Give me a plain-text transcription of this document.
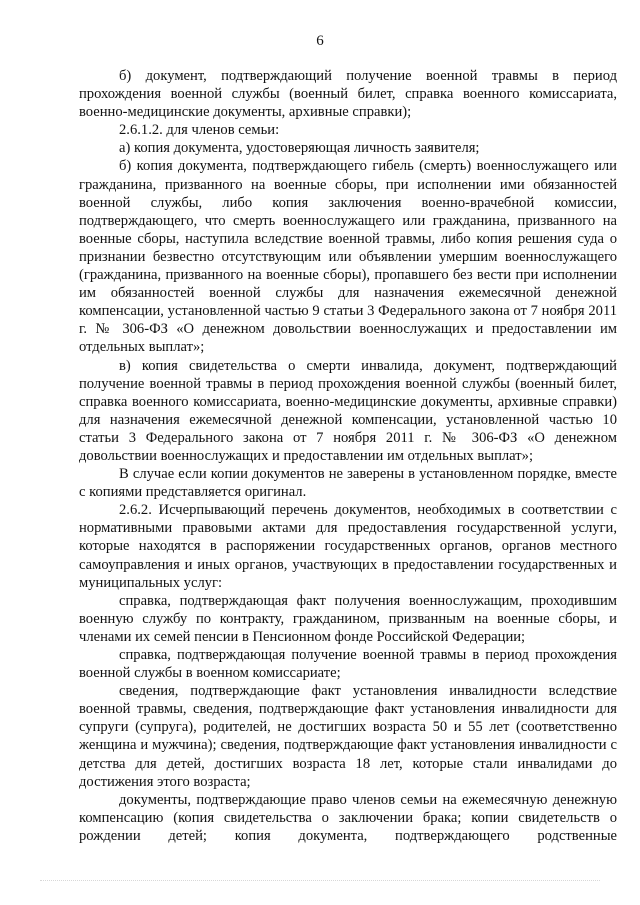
6

б) документ, подтверждающий получение военной травмы в период прохождения военной службы (военный билет, справка военного комиссариата, военно-медицинские документы, архивные справки);

2.6.1.2. для членов семьи:

а) копия документа, удостоверяющая личность заявителя;

б) копия документа, подтверждающего гибель (смерть) военнослужащего или гражданина, призванного на военные сборы, при исполнении ими обязанностей военной службы, либо копия заключения военно-врачебной комиссии, подтверждающего, что смерть военнослужащего или гражданина, призванного на военные сборы, наступила вследствие военной травмы, либо копия решения суда о признании безвестно отсутствующим или объявлении умершим военнослужащего (гражданина, призванного на военные сборы), пропавшего без вести при исполнении им обязанностей военной службы для назначения ежемесячной денежной компенсации, установленной частью 9 статьи 3 Федерального закона от 7 ноября 2011 г. № 306-ФЗ «О денежном довольствии военнослужащих и предоставлении им отдельных выплат»;

в) копия свидетельства о смерти инвалида, документ, подтверждающий получение военной травмы в период прохождения военной службы (военный билет, справка военного комиссариата, военно-медицинские документы, архивные справки) для назначения ежемесячной денежной компенсации, установленной частью 10 статьи 3 Федерального закона от 7 ноября 2011 г. № 306-ФЗ «О денежном довольствии военнослужащих и предоставлении им отдельных выплат»;

В случае если копии документов не заверены в установленном порядке, вместе с копиями представляется оригинал.

2.6.2. Исчерпывающий перечень документов, необходимых в соответствии с нормативными правовыми актами для предоставления государственной услуги, которые находятся в распоряжении государственных органов, органов местного самоуправления и иных органов, участвующих в предоставлении государственных и муниципальных услуг:

справка, подтверждающая факт получения военнослужащим, проходившим военную службу по контракту, гражданином, призванным на военные сборы, и членами их семей пенсии в Пенсионном фонде Российской Федерации;

справка, подтверждающая получение военной травмы в период прохождения военной службы в военном комиссариате;

сведения, подтверждающие факт установления инвалидности вследствие военной травмы, сведения, подтверждающие факт установления инвалидности для супруги (супруга), родителей, не достигших возраста 50 и 55 лет (соответственно женщина и мужчина); сведения, подтверждающие факт установления инвалидности с детства для детей, достигших возраста 18 лет, которые стали инвалидами до достижения этого возраста;

документы, подтверждающие право членов семьи на ежемесячную денежную компенсацию (копия свидетельства о заключении брака; копии свидетельств о рождении детей; копия документа, подтверждающего родственные
